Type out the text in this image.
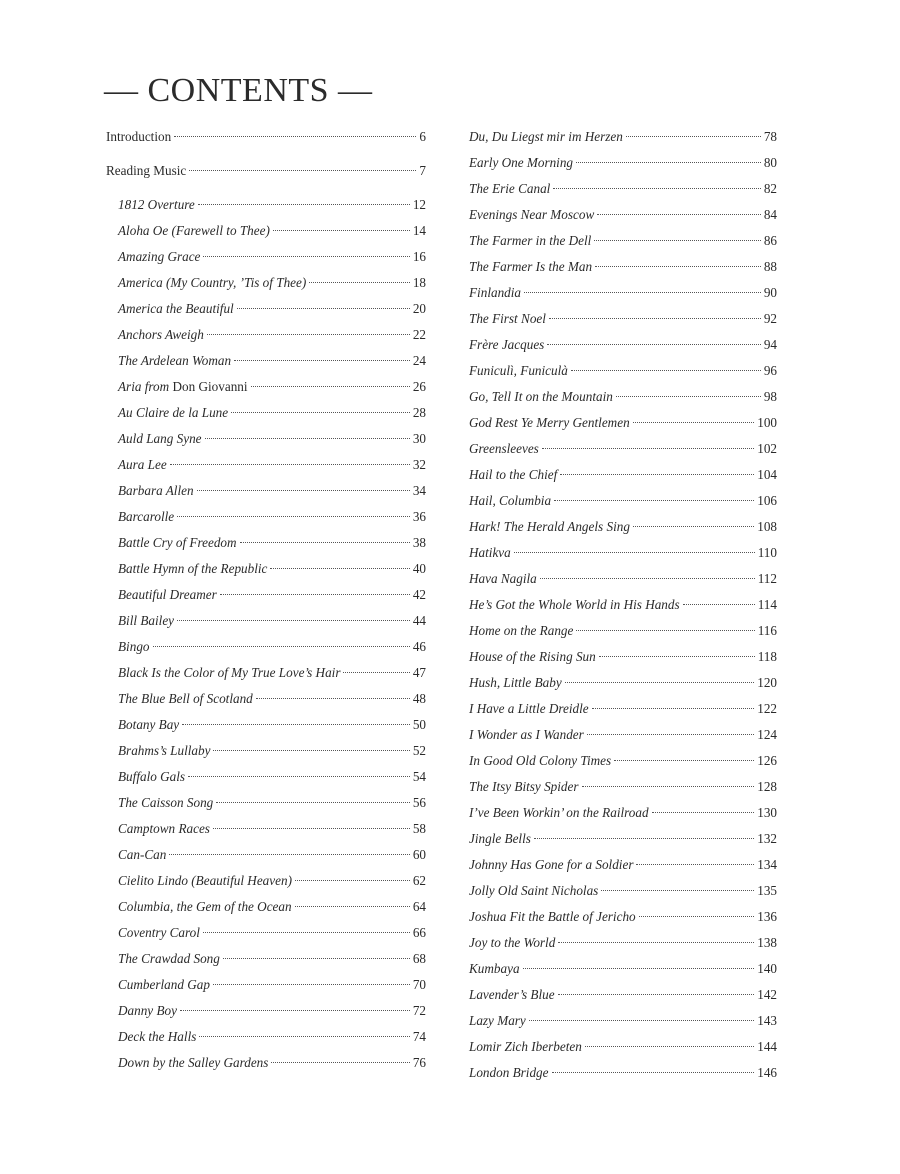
— CONTENTS —
Introduction	6
Reading Music	7
1812 Overture	12
Aloha Oe (Farewell to Thee)	14
Amazing Grace	16
America (My Country, ’Tis of Thee)	18
America the Beautiful	20
Anchors Aweigh	22
The Ardelean Woman	24
Aria from Don Giovanni	26
Au Claire de la Lune	28
Auld Lang Syne	30
Aura Lee	32
Barbara Allen	34
Barcarolle	36
Battle Cry of Freedom	38
Battle Hymn of the Republic	40
Beautiful Dreamer	42
Bill Bailey	44
Bingo	46
Black Is the Color of My True Love’s Hair	47
The Blue Bell of Scotland	48
Botany Bay	50
Brahms’s Lullaby	52
Buffalo Gals	54
The Caisson Song	56
Camptown Races	58
Can-Can	60
Cielito Lindo (Beautiful Heaven)	62
Columbia, the Gem of the Ocean	64
Coventry Carol	66
The Crawdad Song	68
Cumberland Gap	70
Danny Boy	72
Deck the Halls	74
Down by the Salley Gardens	76
Du, Du Liegst mir im Herzen	78
Early One Morning	80
The Erie Canal	82
Evenings Near Moscow	84
The Farmer in the Dell	86
The Farmer Is the Man	88
Finlandia	90
The First Noel	92
Frère Jacques	94
Funiculì, Funiculà	96
Go, Tell It on the Mountain	98
God Rest Ye Merry Gentlemen	100
Greensleeves	102
Hail to the Chief	104
Hail, Columbia	106
Hark! The Herald Angels Sing	108
Hatikva	110
Hava Nagila	112
He’s Got the Whole World in His Hands	114
Home on the Range	116
House of the Rising Sun	118
Hush, Little Baby	120
I Have a Little Dreidle	122
I Wonder as I Wander	124
In Good Old Colony Times	126
The Itsy Bitsy Spider	128
I’ve Been Workin’ on the Railroad	130
Jingle Bells	132
Johnny Has Gone for a Soldier	134
Jolly Old Saint Nicholas	135
Joshua Fit the Battle of Jericho	136
Joy to the World	138
Kumbaya	140
Lavender’s Blue	142
Lazy Mary	143
Lomir Zich Iberbeten	144
London Bridge	146
